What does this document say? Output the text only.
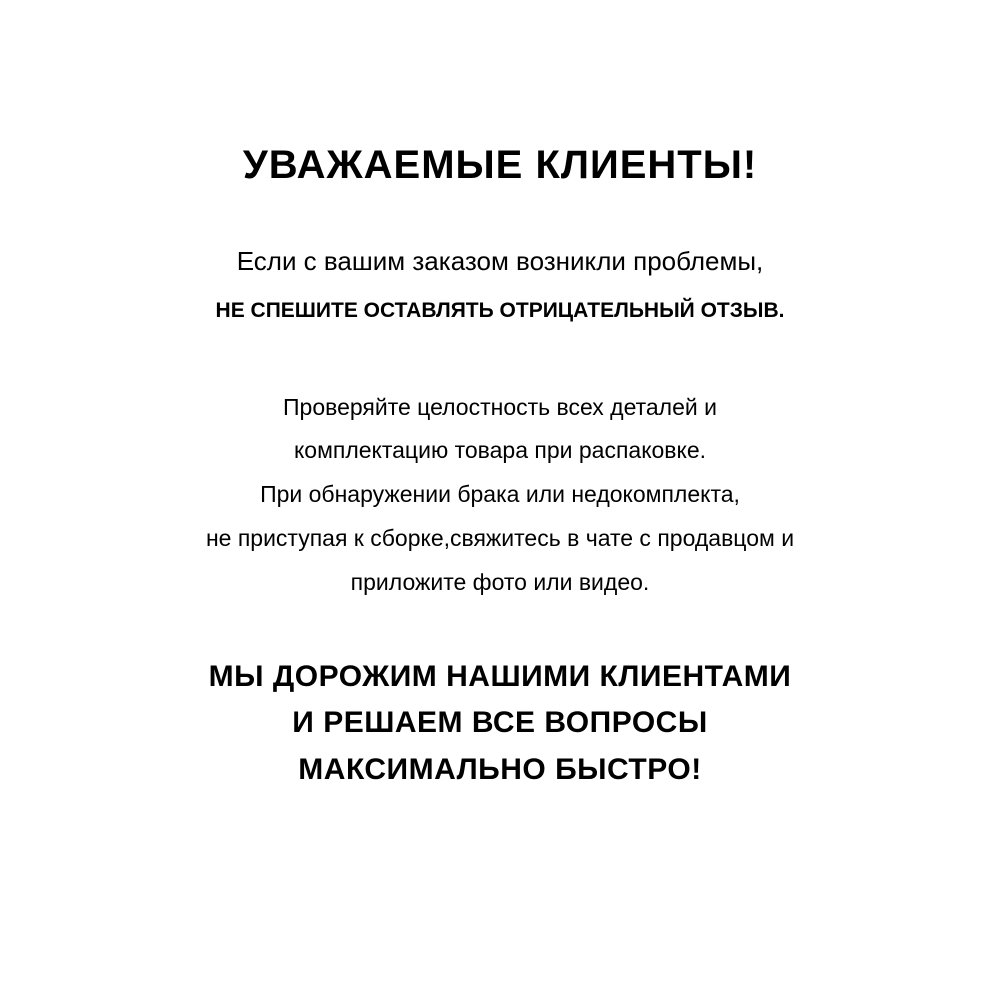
УВАЖАЕМЫЕ КЛИЕНТЫ!
Если с вашим заказом возникли проблемы,
НЕ СПЕШИТЕ ОСТАВЛЯТЬ ОТРИЦАТЕЛЬНЫЙ ОТЗЫВ.
Проверяйте целостность всех деталей и
комплектацию товара при распаковке.
При обнаружении брака или недокомплекта,
не приступая к сборке,свяжитесь в чате с продавцом и
приложите фото или видео.
МЫ ДОРОЖИМ НАШИМИ КЛИЕНТАМИ
И РЕШАЕМ ВСЕ ВОПРОСЫ
МАКСИМАЛЬНО БЫСТРО!
